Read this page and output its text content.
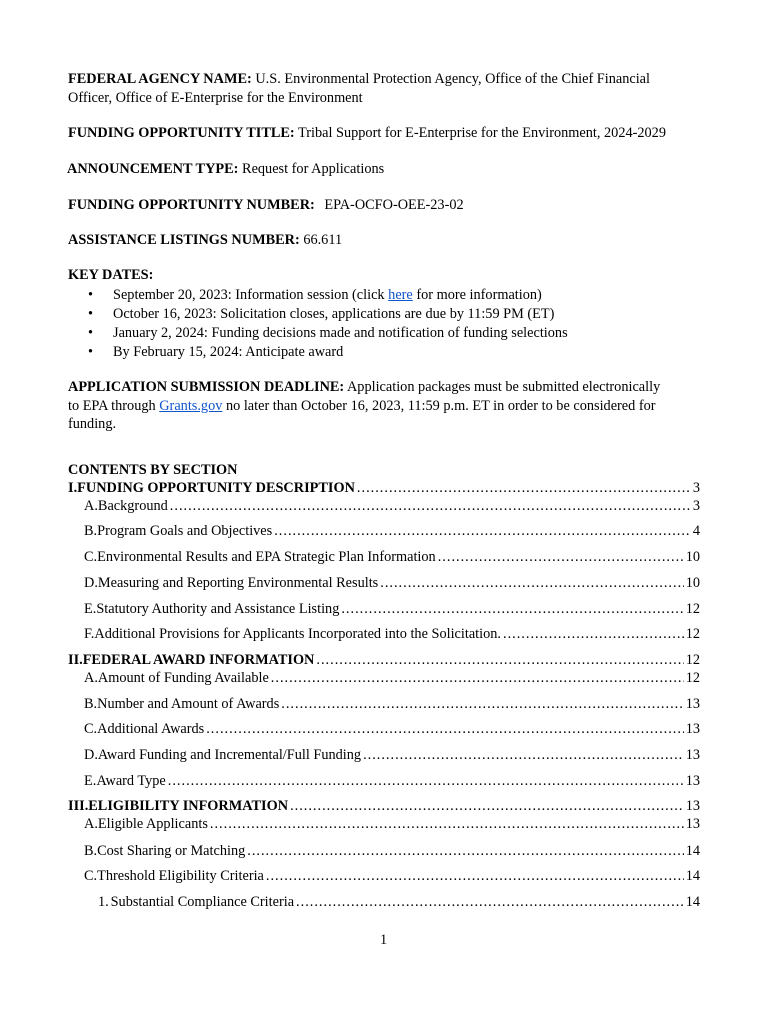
FEDERAL AGENCY NAME: U.S. Environmental Protection Agency, Office of the Chief Financial
Officer, Office of E-Enterprise for the Environment
FUNDING OPPORTUNITY TITLE: Tribal Support for E-Enterprise for the Environment, 2024-2029
ANNOUNCEMENT TYPE: Request for Applications
FUNDING OPPORTUNITY NUMBER: EPA-OCFO-OEE-23-02
ASSISTANCE LISTINGS NUMBER: 66.611
KEY DATES:
• September 20, 2023: Information session (click here for more information)
• October 16, 2023: Solicitation closes, applications are due by 11:59 PM (ET)
• January 2, 2024: Funding decisions made and notification of funding selections
• By February 15, 2024: Anticipate award
APPLICATION SUBMISSION DEADLINE: Application packages must be submitted electronically
to EPA through Grants.gov no later than October 16, 2023, 11:59 p.m. ET in order to be considered for
funding.
CONTENTS BY SECTION
I. FUNDING OPPORTUNITY DESCRIPTION .....	3
A. Background .....	3
B. Program Goals and Objectives .....	4
C. Environmental Results and EPA Strategic Plan Information .....	10
D. Measuring and Reporting Environmental Results .....	10
E. Statutory Authority and Assistance Listing .....	12
F. Additional Provisions for Applicants Incorporated into the Solicitation. .....	12
II. FEDERAL AWARD INFORMATION .....	12
A. Amount of Funding Available .....	12
B. Number and Amount of Awards .....	13
C. Additional Awards .....	13
D. Award Funding and Incremental/Full Funding .....	13
E. Award Type .....	13
III. ELIGIBILITY INFORMATION .....	13
A. Eligible Applicants .....	13
B. Cost Sharing or Matching .....	14
C. Threshold Eligibility Criteria .....	14
1. Substantial Compliance Criteria .....	14
1
